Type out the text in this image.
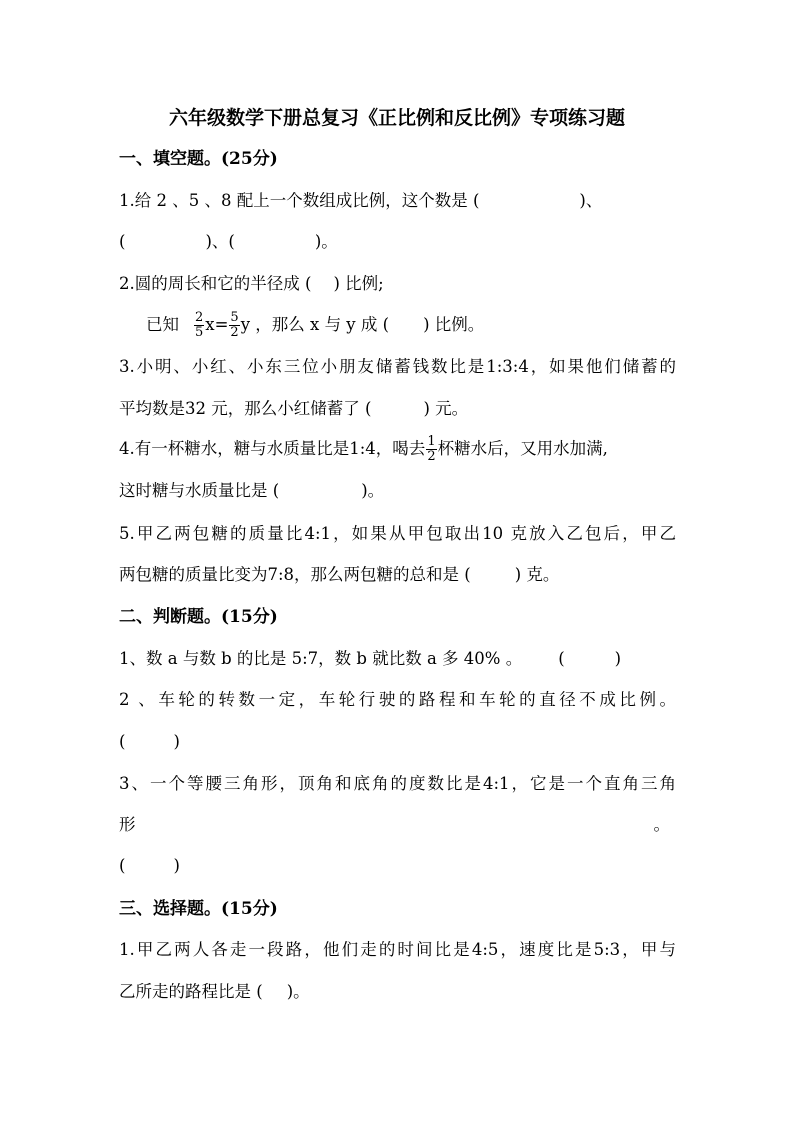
六年级数学下册总复习《正比例和反比例》专项练习题
一、填空题。(25分)
1.给 2 、5 、8 配上一个数组成比例，这个数是 (	)、
(	)、(	)。
2.圆的周长和它的半径成 ( ) 比例;
已知 $\frac{2}{5} x= \frac{5}{2}$ y ，那么 x 与 y 成 ( ) 比例。
3.小明、小红、小东三位小朋友储蓄钱数比是1:3:4，如果他们储蓄的
平均数是32 元，那么小红储蓄了 (	) 元。
4.有一杯糖水，糖与水质量比是1:4，喝去 $\frac{1}{2}$ 杯糖水后，又用水加满,
这时糖与水质量比是 (	)。
5.甲乙两包糖的质量比4:1，如果从甲包取出10 克放入乙包后，甲乙
两包糖的质量比变为7:8，那么两包糖的总和是 (	) 克。
二、判断题。(15分)
1、数 a 与数 b 的比是 5:7，数 b 就比数 a 多 40% 。 (	)
2 、车轮的转数一定，车轮行驶的路程和车轮的直径不成比例。
(	)
3、一个等腰三角形，顶角和底角的度数比是4:1，它是一个直角三角
形	。
(	)
三、选择题。(15分)
1.甲乙两人各走一段路，他们走的时间比是4:5，速度比是5:3，甲与
乙所走的路程比是 ( )。
